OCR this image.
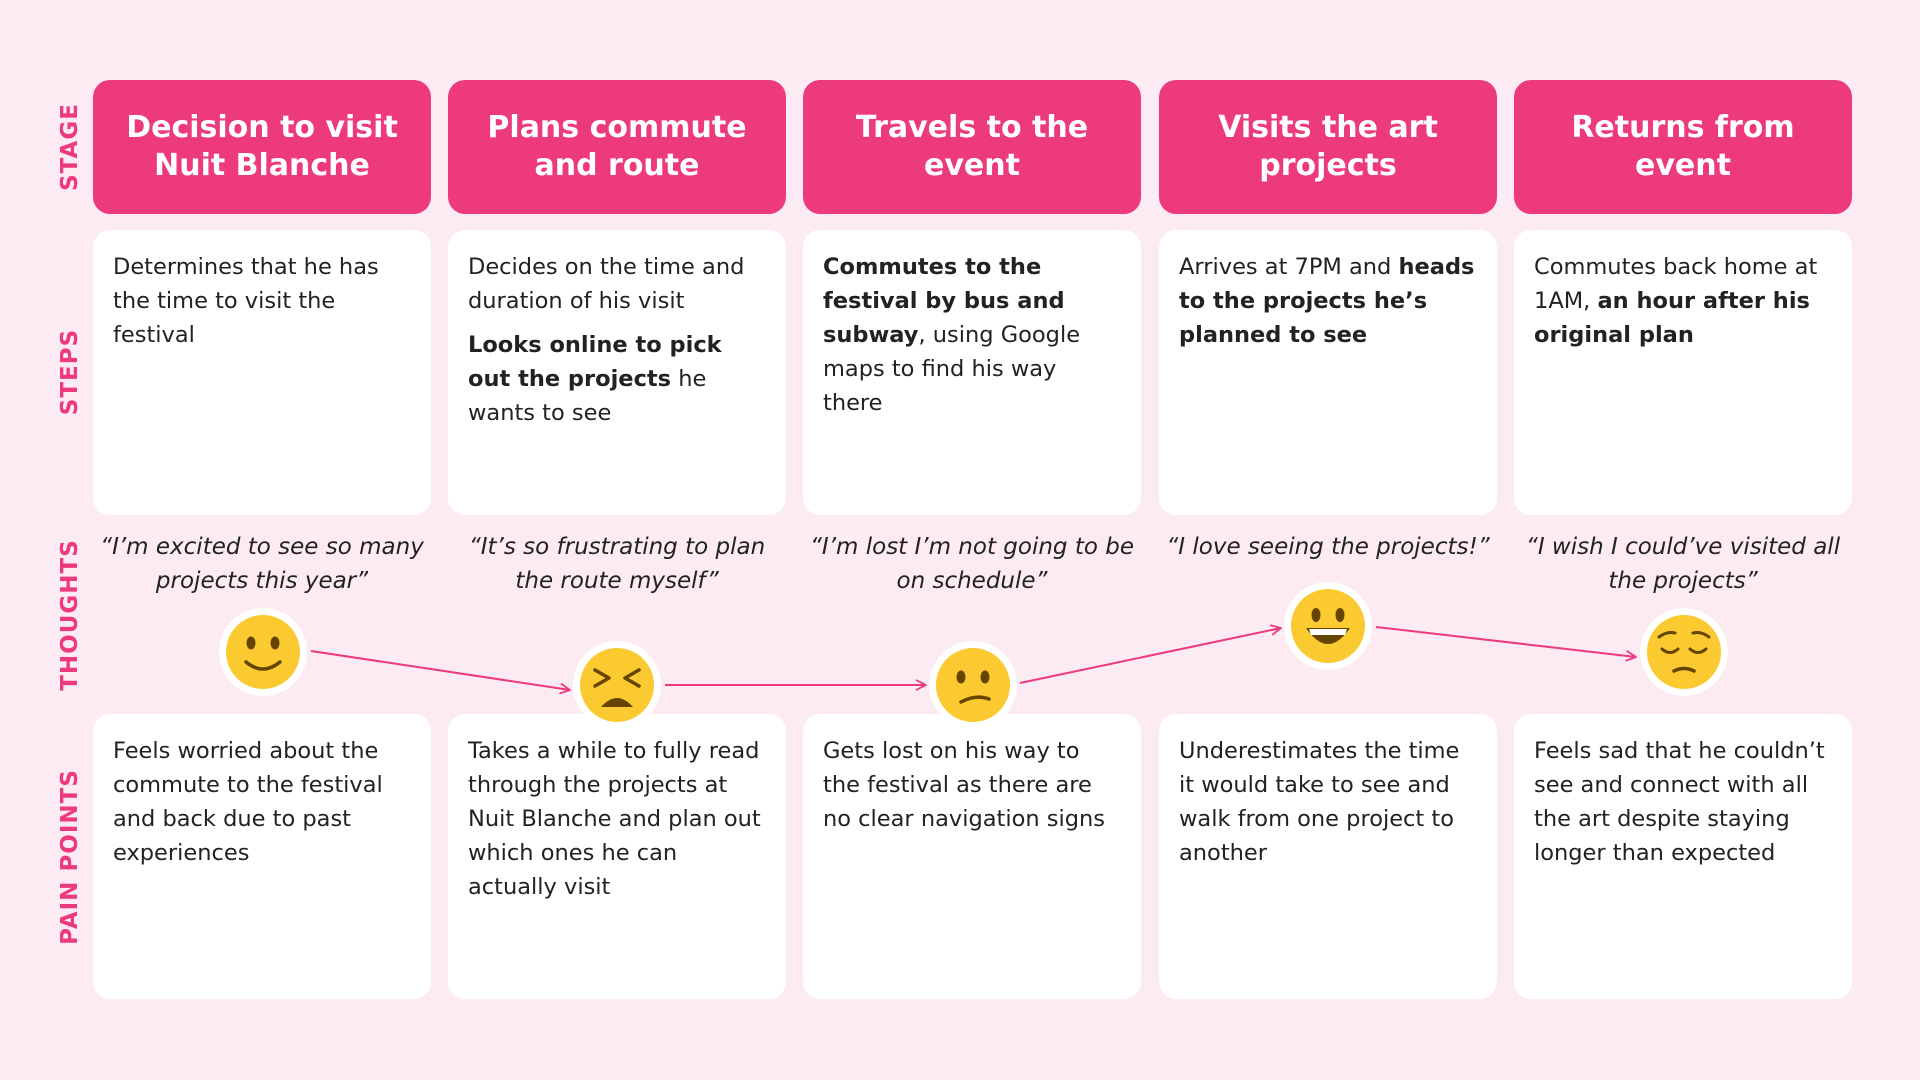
STAGE
STEPS
THOUGHTS
PAIN POINTS
Decision to visit Nuit Blanche

Determines that he has the time to visit the festival

“I’m excited to see so many projects this year”
Feels worried about the commute to the festival and back due to past experiences
Plans commute and route

Decides on the time and duration of his visit

Looks online to pick out the projects he wants to see

“It’s so frustrating to plan the route myself”
Takes a while to fully read through the projects at Nuit Blanche and plan out which ones he can actually visit
Travels to the event

Commutes to the festival by bus and subway, using Google maps to find his way there

“I’m lost I’m not going to be on schedule”
Gets lost on his way to the festival as there are no clear navigation signs
Visits the art projects

Arrives at 7PM and heads to the projects he’s planned to see

“I love seeing the projects!”
Underestimates the time it would take to see and walk from one project to another
Returns from event

Commutes back home at 1AM, an hour after his original plan

“I wish I could’ve visited all the projects”
Feels sad that he couldn’t see and connect with all the art despite staying longer than expected
